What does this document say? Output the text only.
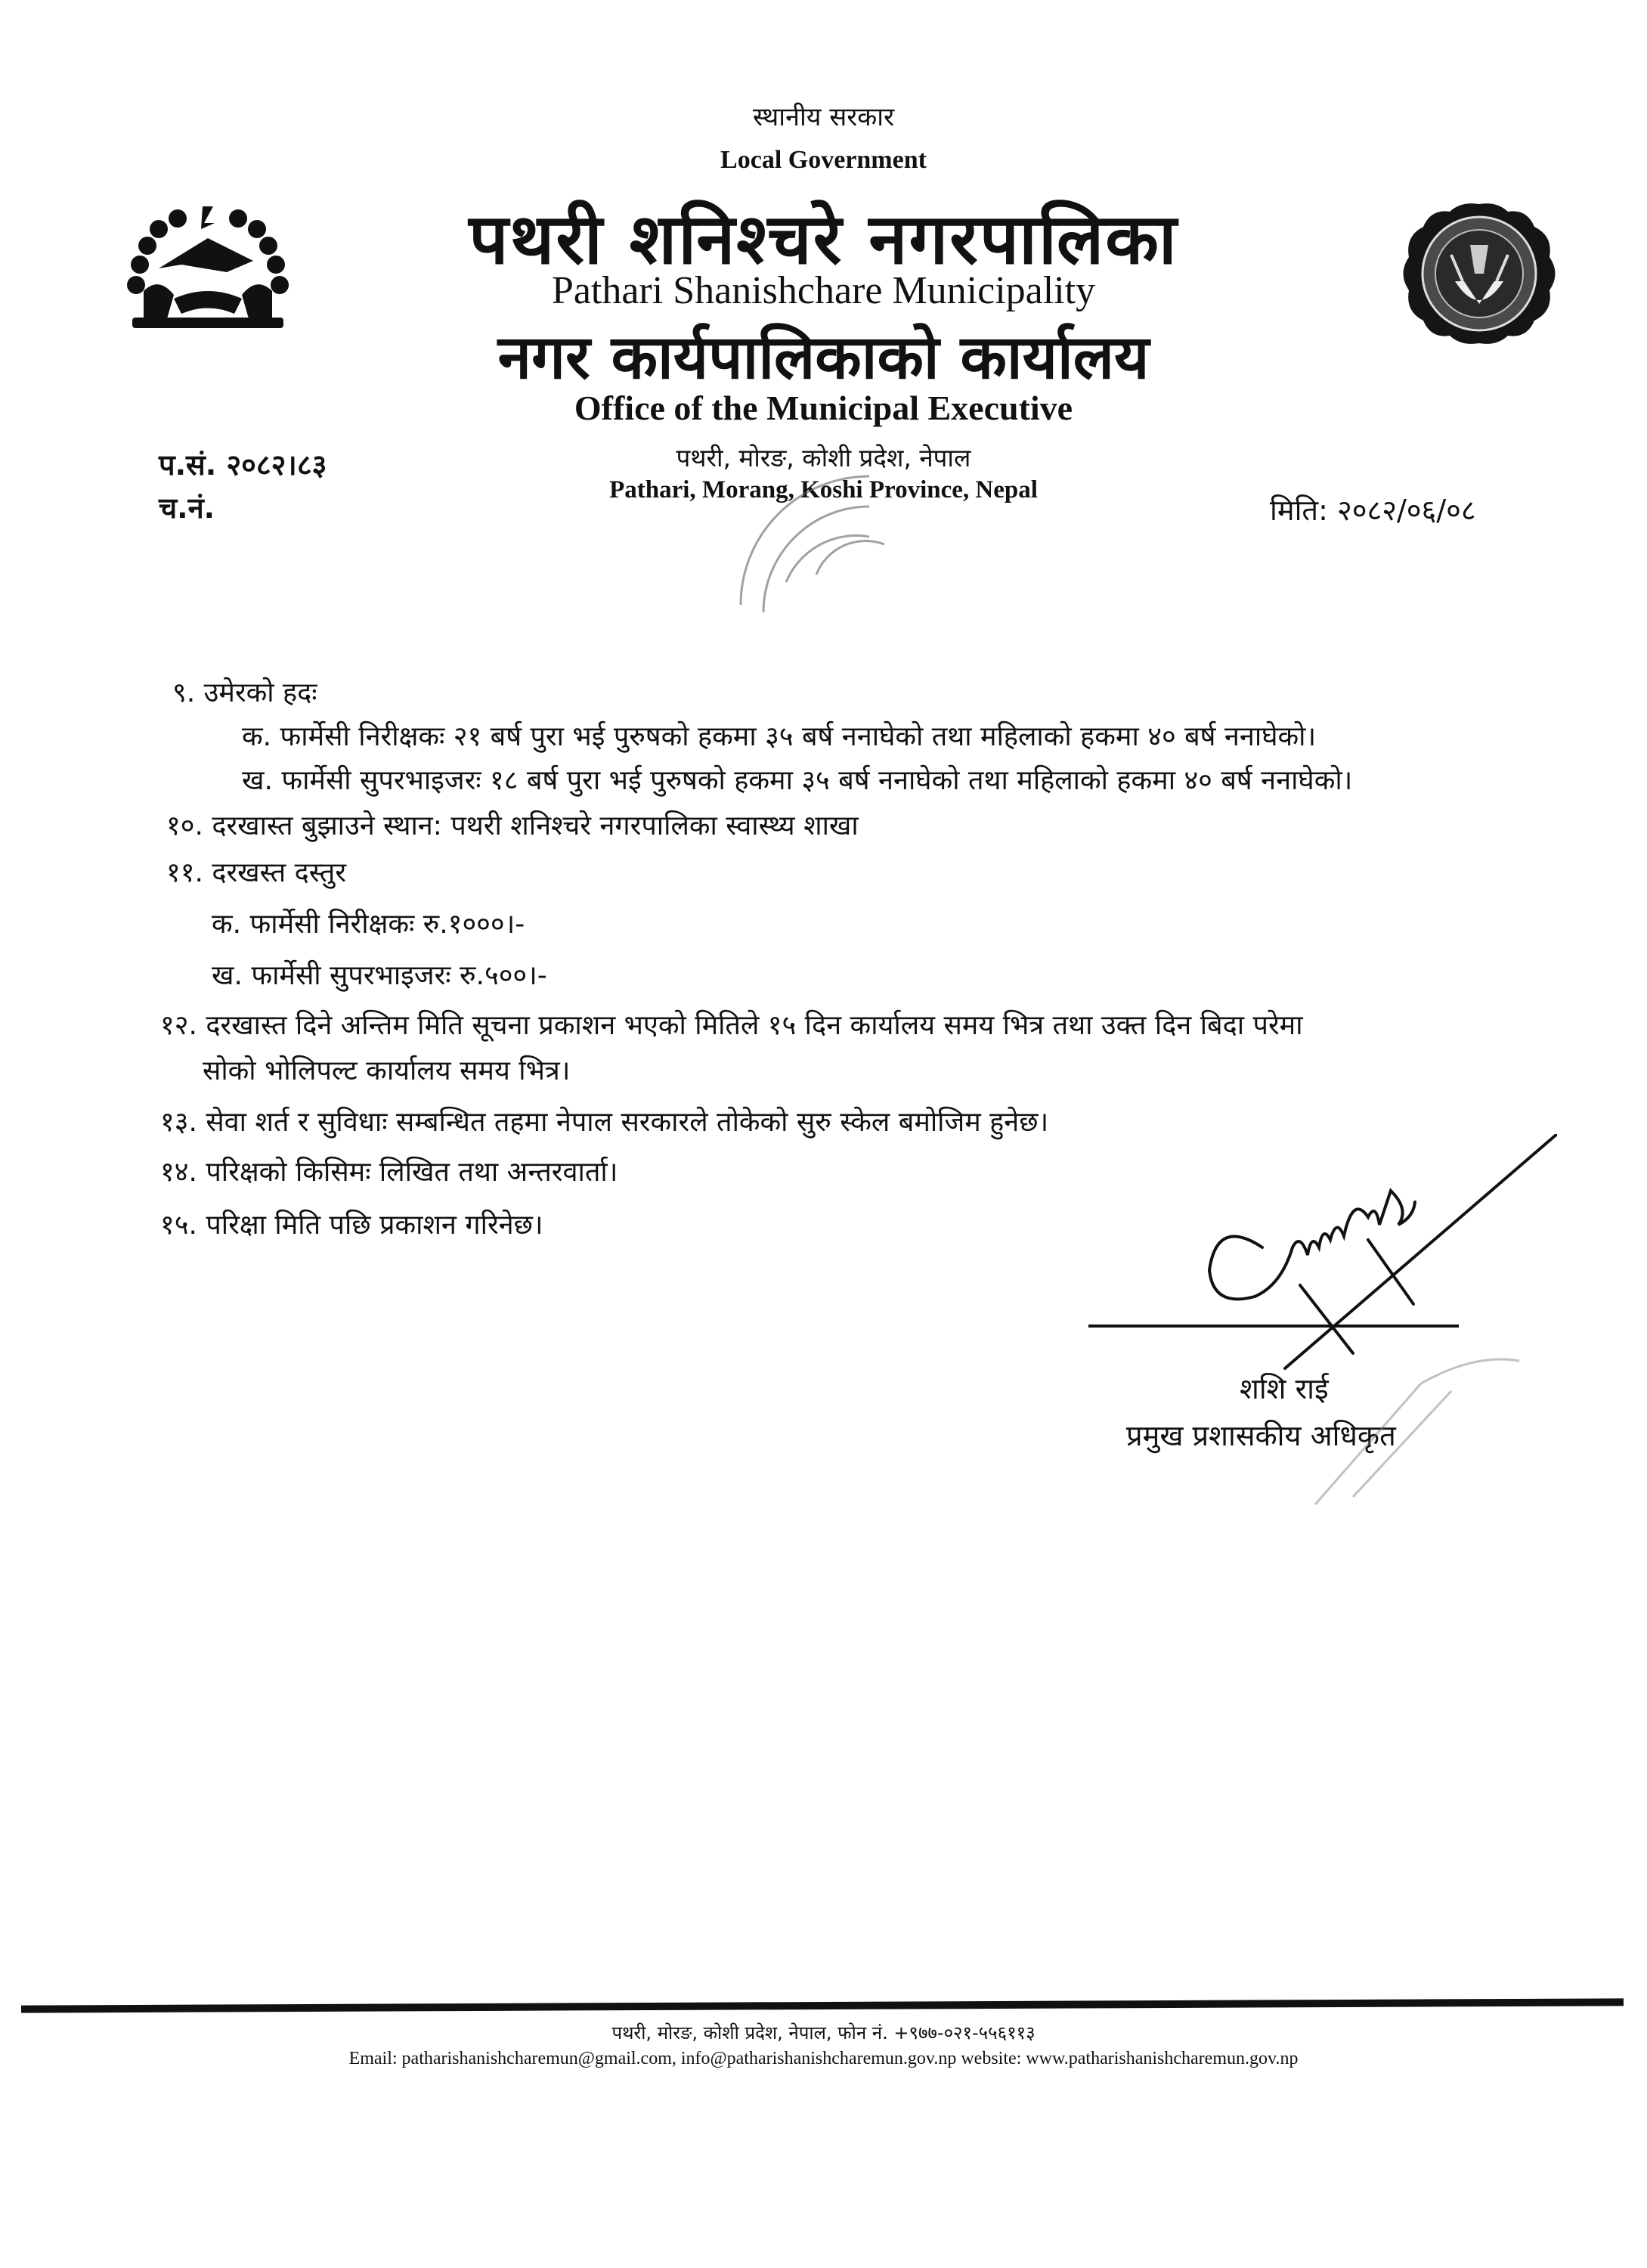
स्थानीय सरकार
Local Government
पथरी शनिश्चरे नगरपालिका
Pathari Shanishchare Municipality
नगर कार्यपालिकाको कार्यालय
Office of the Municipal Executive
पथरी, मोरङ, कोशी प्रदेश, नेपाल
Pathari, Morang, Koshi Province, Nepal
प.सं. २०८२।८३
च.नं.	मिति: २०८२/०६/०८
९. उमेरको हदः
क. फार्मेसी निरीक्षकः २१ बर्ष पुरा भई पुरुषको हकमा ३५ बर्ष ननाघेको तथा महिलाको हकमा ४० बर्ष ननाघेको।
ख. फार्मेसी सुपरभाइजरः १८ बर्ष पुरा भई पुरुषको हकमा ३५ बर्ष ननाघेको तथा महिलाको हकमा ४० बर्ष ननाघेको।
१०. दरखास्त बुझाउने स्थान: पथरी शनिश्चरे नगरपालिका स्वास्थ्य शाखा
११. दरखस्त दस्तुर
क. फार्मेसी निरीक्षकः रु.१०००।-
ख. फार्मेसी सुपरभाइजरः रु.५००।-
१२. दरखास्त दिने अन्तिम मिति सूचना प्रकाशन भएको मितिले १५ दिन कार्यालय समय भित्र तथा उक्त दिन बिदा परेमा
सोको भोलिपल्ट कार्यालय समय भित्र।
१३. सेवा शर्त र सुविधाः सम्बन्धित तहमा नेपाल सरकारले तोकेको सुरु स्केल बमोजिम हुनेछ।
१४. परिक्षको किसिमः लिखित तथा अन्तरवार्ता।
१५. परिक्षा मिति पछि प्रकाशन गरिनेछ।
शशि राई
प्रमुख प्रशासकीय अधिकृत
पथरी, मोरङ, कोशी प्रदेश, नेपाल, फोन नं. +९७७-०२१-५५६११३
Email: patharishanishcharemun@gmail.com, info@patharishanishcharemun.gov.np website: www.patharishanishcharemun.gov.np
